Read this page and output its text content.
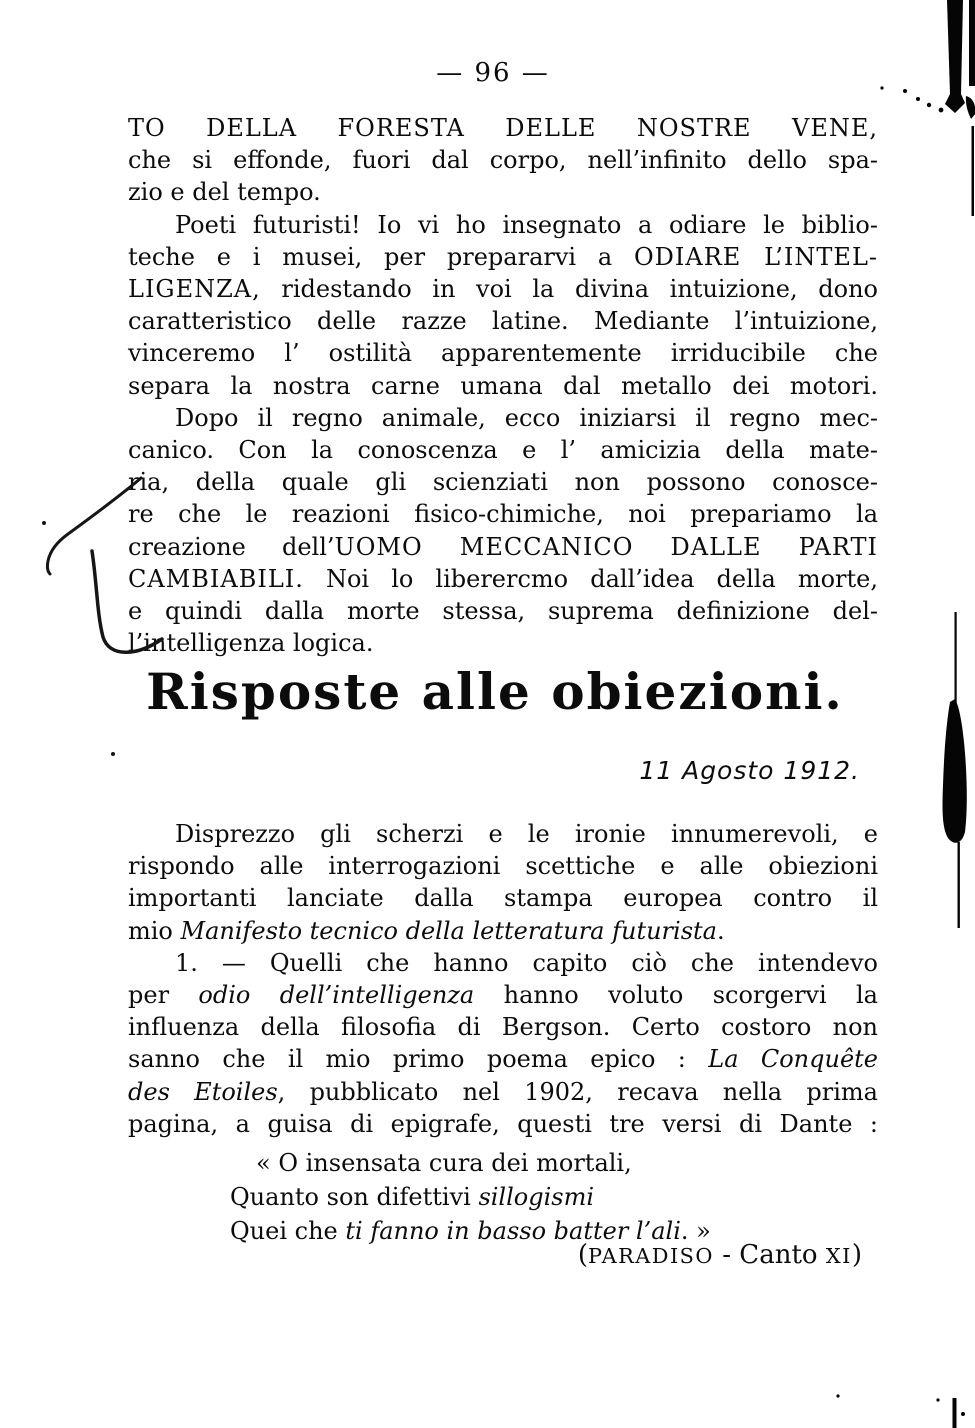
— 96 —
TO DELLA FORESTA DELLE NOSTRE VENE,
che si effonde, fuori dal corpo, nell’infinito dello spa-
zio e del tempo.
Poeti futuristi! Io vi ho insegnato a odiare le biblio-
teche e i musei, per prepararvi a ODIARE L’INTEL-
LIGENZA, ridestando in voi la divina intuizione, dono
caratteristico delle razze latine. Mediante l’intuizione,
vinceremo l’ ostilità apparentemente irriducibile che
separa la nostra carne umana dal metallo dei motori.
Dopo il regno animale, ecco iniziarsi il regno mec-
canico. Con la conoscenza e l’ amicizia della mate-
ria, della quale gli scienziati non possono conosce-
re che le reazioni fisico-chimiche, noi prepariamo la
creazione dell’UOMO MECCANICO DALLE PARTI
CAMBIABILI. Noi lo liberercmo dall’idea della morte,
e quindi dalla morte stessa, suprema definizione del-
l’intelligenza logica.
Risposte alle obiezioni.
11 Agosto 1912.
Disprezzo gli scherzi e le ironie innumerevoli, e
rispondo alle interrogazioni scettiche e alle obiezioni
importanti lanciate dalla stampa europea contro il
mio Manifesto tecnico della letteratura futurista.
1. — Quelli che hanno capito ciò che intendevo
per odio dell’intelligenza hanno voluto scorgervi la
influenza della filosofia di Bergson. Certo costoro non
sanno che il mio primo poema epico : La Conquête
des Etoiles, pubblicato nel 1902, recava nella prima
pagina, a guisa di epigrafe, questi tre versi di Dante :
« O insensata cura dei mortali,
Quanto son difettivi sillogismi
Quei che ti fanno in basso batter l’ali. »
(PARADISO - Canto XI)
